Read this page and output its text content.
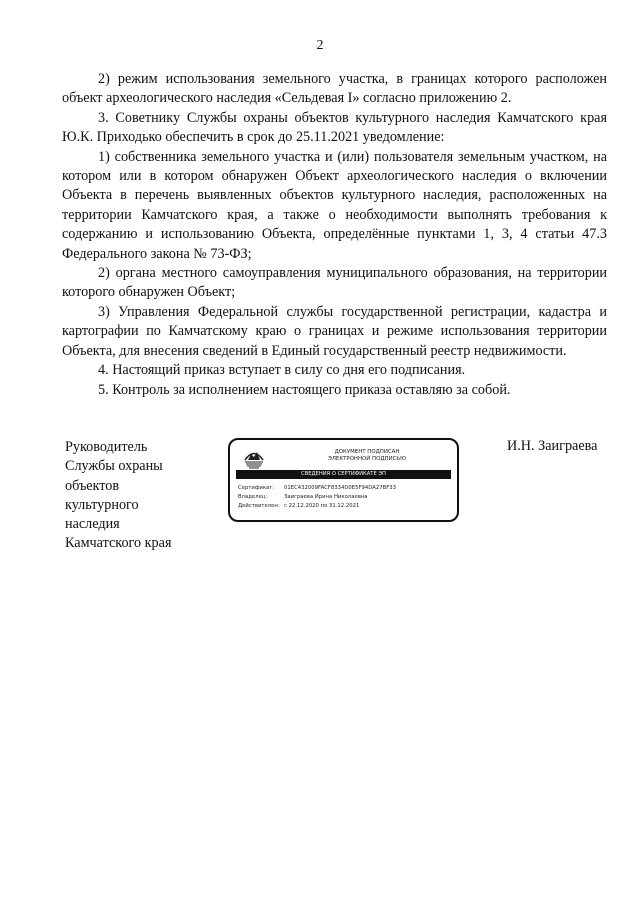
2

2) режим использования земельного участка, в границах которого расположен объект археологического наследия «Сельдевая I» согласно приложению 2.

3. Советнику Службы охраны объектов культурного наследия Камчатского края Ю.К. Приходько обеспечить в срок до 25.11.2021 уведомление:

1) собственника земельного участка и (или) пользователя земельным участком, на котором или в котором обнаружен Объект археологического наследия о включении Объекта в перечень выявленных объектов культурного наследия, расположенных на территории Камчатского края, а также о необходимости выполнять требования к содержанию и использованию Объекта, определённые пунктами 1, 3, 4 статьи 47.3 Федерального закона № 73-ФЗ;

2) органа местного самоуправления муниципального образования, на территории которого обнаружен Объект;

3) Управления Федеральной службы государственной регистрации, кадастра и картографии по Камчатскому краю о границах и режиме использования территории Объекта, для внесения сведений в Единый государственный реестр недвижимости.

4. Настоящий приказ вступает в силу со дня его подписания.

5. Контроль за исполнением настоящего приказа оставляю за собой.

Руководитель
Службы охраны
объектов
культурного
наследия
Камчатского края
ДОКУМЕНТ ПОДПИСАН
ЭЛЕКТРОННОЙ ПОДПИСЬЮ
СВЕДЕНИЯ О СЕРТИФИКАТЕ ЭП
Сертификат:	01EC432009FACF8334D0E5F94DA27BF33
Владелец:	Заиграева Ирина Николаевна
Действителен: с 22.12.2020 по 31.12.2021
И.Н. Заиграева
